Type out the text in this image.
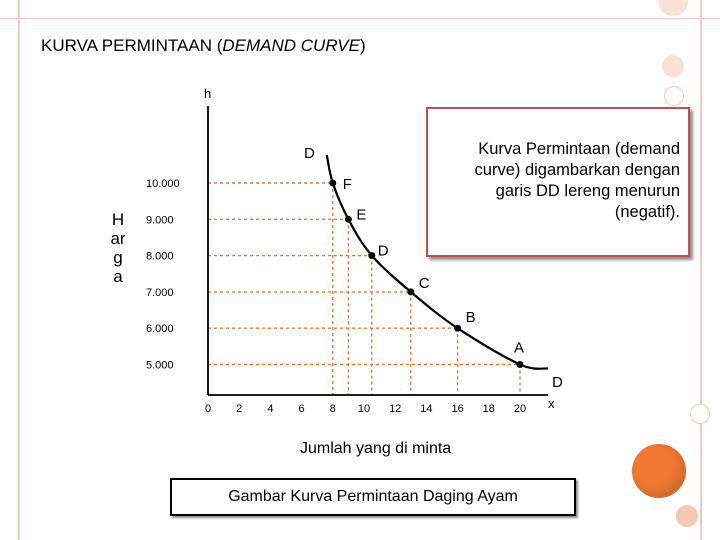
KURVA PERMINTAAN (DEMAND CURVE)
Harga
0 2 4 6 8 10 12 14 16 18 20
10.000
9.000
8.000
7.000
6.000
5.000
F
E
D
C
B
A
h
x
D
D
Kurva Permintaan (demand curve) digambarkan dengan garis DD lereng menurun (negatif).
Jumlah yang di minta
Gambar Kurva Permintaan Daging Ayam
